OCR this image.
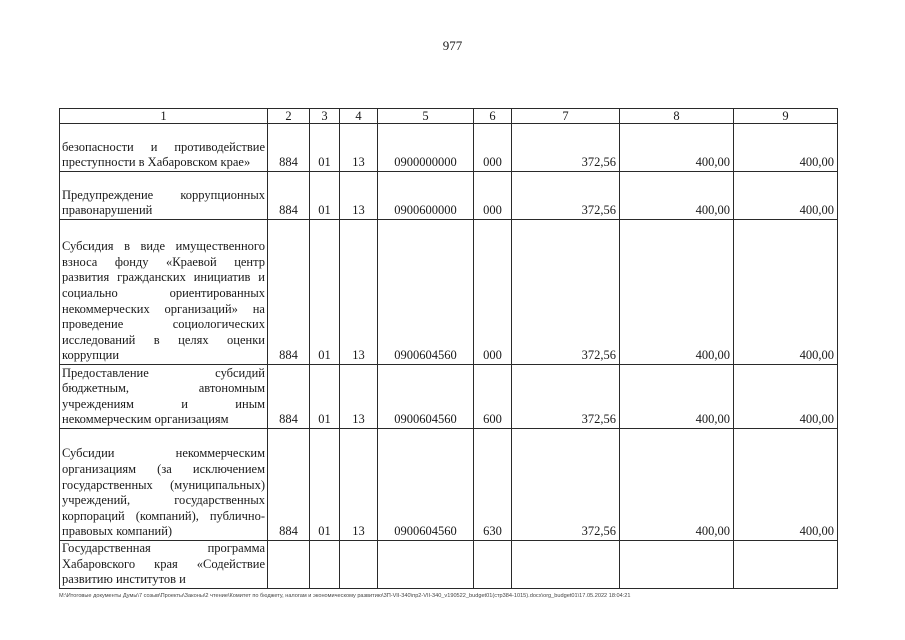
977
1	2	3	4	5	6	7	8	9
безопасности и противодействие преступности в Хабаровском крае»	884	01	13	0900000000	000	372,56	400,00	400,00
Предупреждение коррупционных правонарушений	884	01	13	0900600000	000	372,56	400,00	400,00
Субсидия в виде имущественного взноса фонду «Краевой центр развития гражданских инициатив и социально ориентированных некоммерческих организаций» на проведение социологических исследований в целях оценки коррупции	884	01	13	0900604560	000	372,56	400,00	400,00
Предоставление субсидий бюджетным, автономным учреждениям и иным некоммерческим организациям	884	01	13	0900604560	600	372,56	400,00	400,00
Субсидии некоммерческим организациям (за исключением государственных (муниципальных) учреждений, государственных корпораций (компаний), публично-правовых компаний)	884	01	13	0900604560	630	372,56	400,00	400,00
Государственная программа Хабаровского края «Содействие развитию институтов и								
М:\Итоговые документы Думы\7 созыв\Проекты\Законы\2 чтение\Комитет по бюджету, налогам и экономическому развитию\3П-VII-340\пр2-VII-340_v190522_budget01(стр384-1015).docx\org_budget01\17.05.2022 18:04:21
